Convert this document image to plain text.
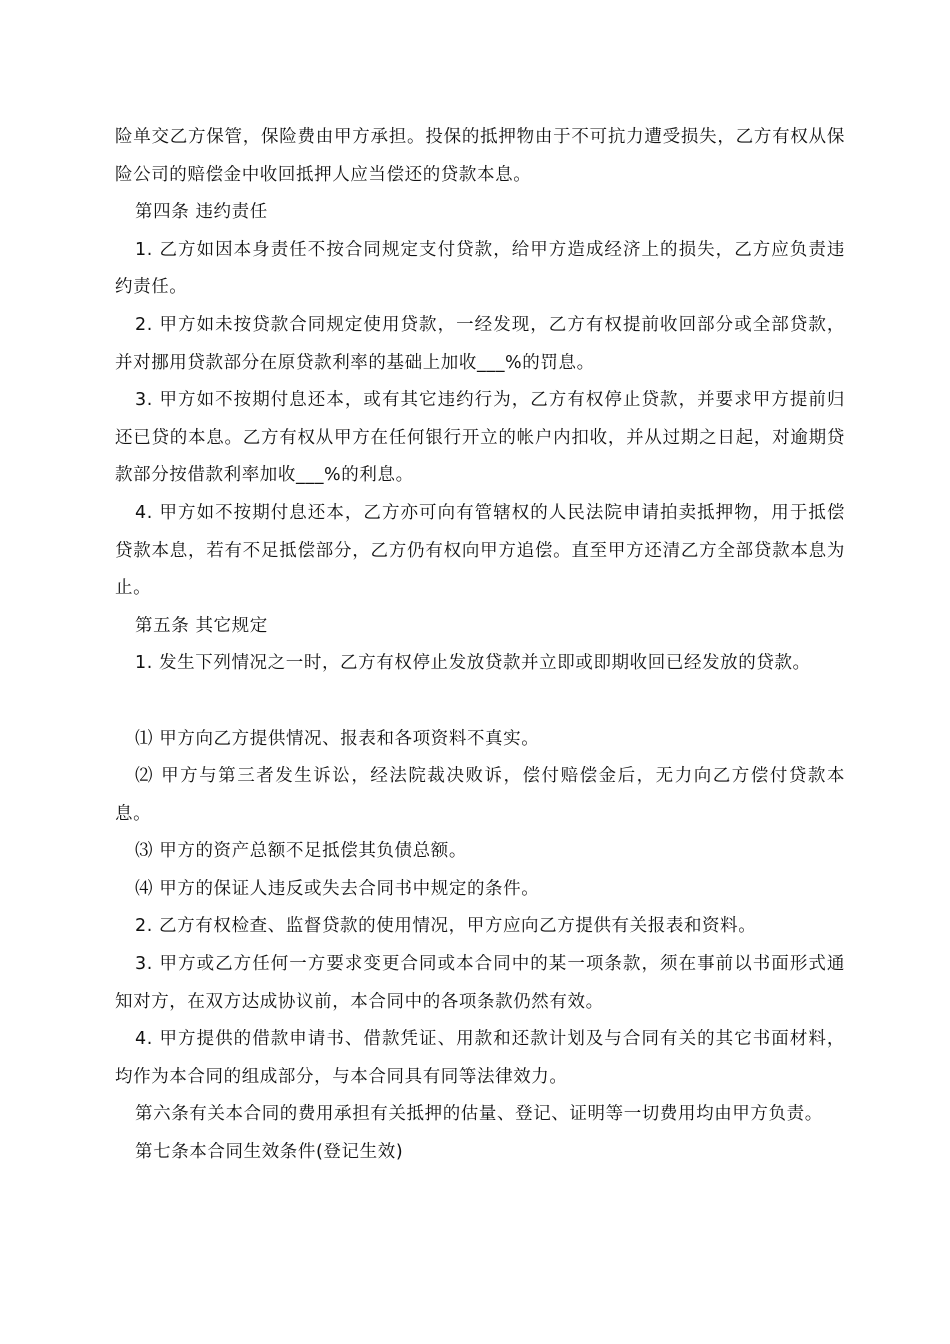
险单交乙方保管，保险费由甲方承担。投保的抵押物由于不可抗力遭受损失，乙方有权从保险公司的赔偿金中收回抵押人应当偿还的贷款本息。

第四条 违约责任

1. 乙方如因本身责任不按合同规定支付贷款，给甲方造成经济上的损失，乙方应负责违约责任。

2. 甲方如未按贷款合同规定使用贷款，一经发现，乙方有权提前收回部分或全部贷款，并对挪用贷款部分在原贷款利率的基础上加收___%的罚息。

3. 甲方如不按期付息还本，或有其它违约行为，乙方有权停止贷款，并要求甲方提前归还已贷的本息。乙方有权从甲方在任何银行开立的帐户内扣收，并从过期之日起，对逾期贷款部分按借款利率加收___%的利息。

4. 甲方如不按期付息还本，乙方亦可向有管辖权的人民法院申请拍卖抵押物，用于抵偿贷款本息，若有不足抵偿部分，乙方仍有权向甲方追偿。直至甲方还清乙方全部贷款本息为止。

第五条 其它规定

1. 发生下列情况之一时，乙方有权停止发放贷款并立即或即期收回已经发放的贷款。

⑴ 甲方向乙方提供情况、报表和各项资料不真实。

⑵ 甲方与第三者发生诉讼，经法院裁决败诉，偿付赔偿金后，无力向乙方偿付贷款本息。

⑶ 甲方的资产总额不足抵偿其负债总额。

⑷ 甲方的保证人违反或失去合同书中规定的条件。

2. 乙方有权检查、监督贷款的使用情况，甲方应向乙方提供有关报表和资料。

3. 甲方或乙方任何一方要求变更合同或本合同中的某一项条款，须在事前以书面形式通知对方，在双方达成协议前，本合同中的各项条款仍然有效。

4. 甲方提供的借款申请书、借款凭证、用款和还款计划及与合同有关的其它书面材料，均作为本合同的组成部分，与本合同具有同等法律效力。

第六条有关本合同的费用承担有关抵押的估量、登记、证明等一切费用均由甲方负责。

第七条本合同生效条件(登记生效)
